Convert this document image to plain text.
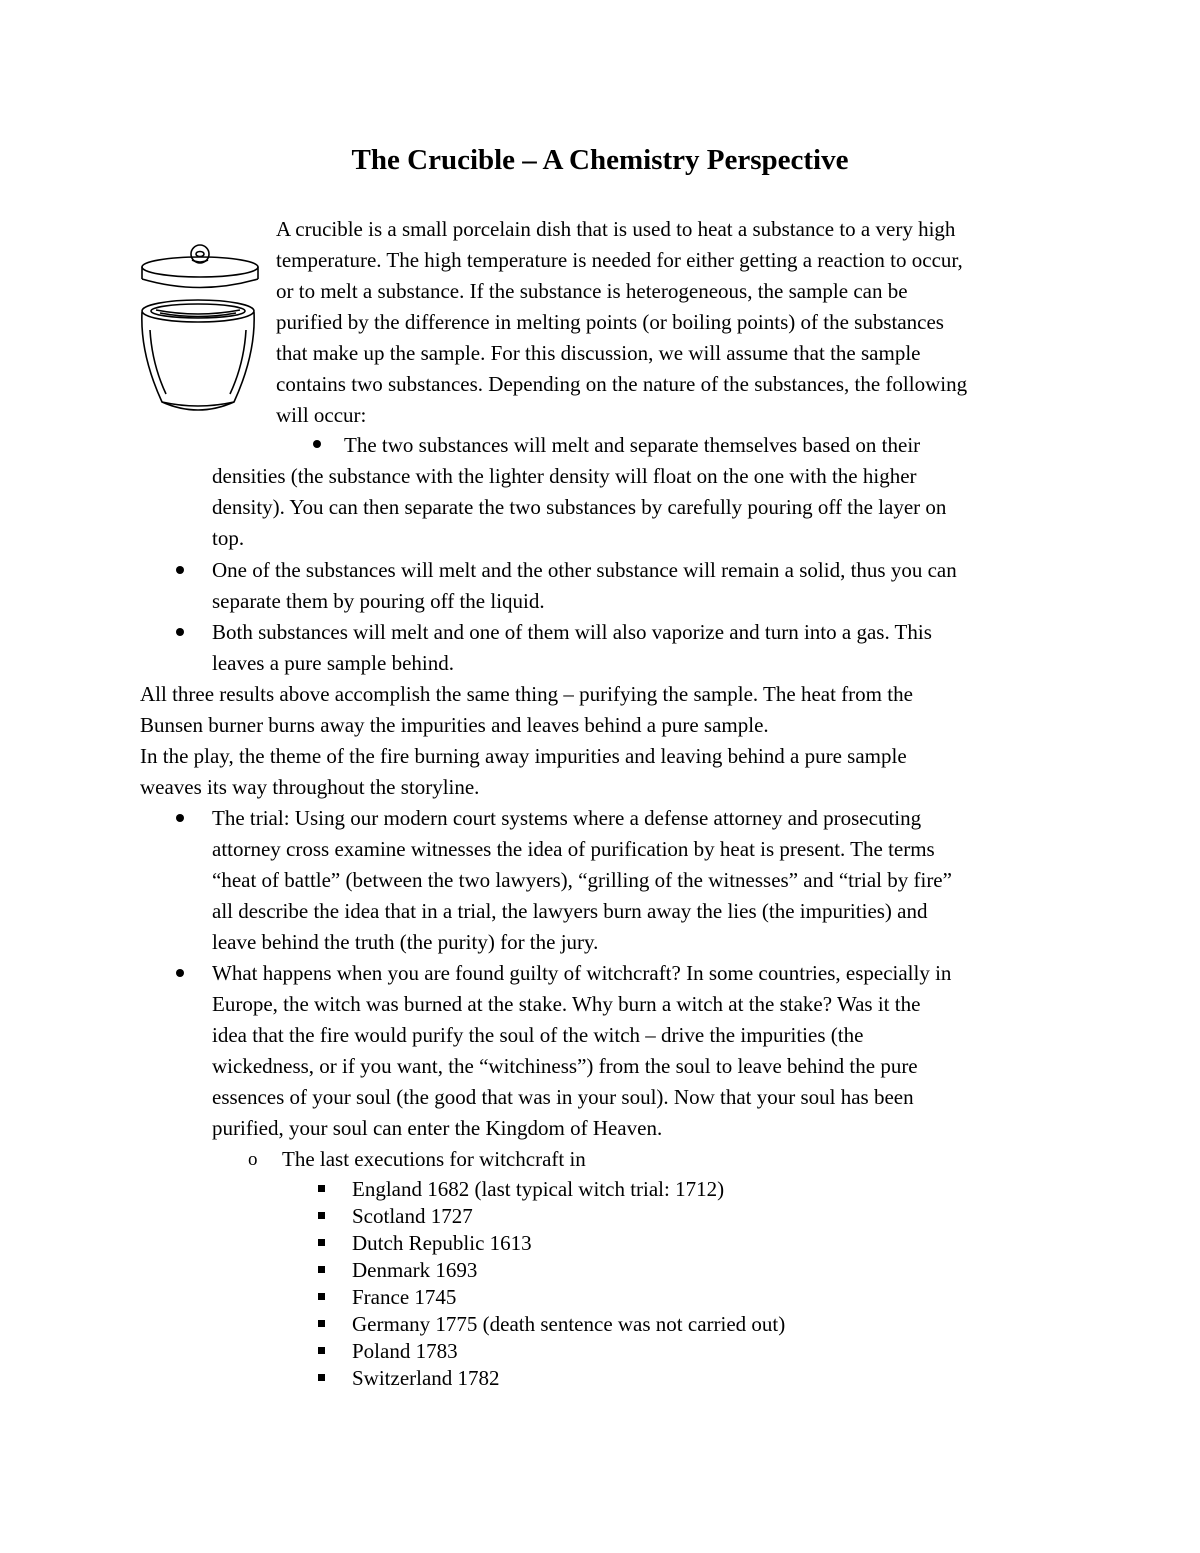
The Crucible – A Chemistry Perspective
A crucible is a small porcelain dish that is used to heat a substance to a very high
temperature. The high temperature is needed for either getting a reaction to occur,
or to melt a substance. If the substance is heterogeneous, the sample can be
purified by the difference in melting points (or boiling points) of the substances
that make up the sample. For this discussion, we will assume that the sample
contains two substances. Depending on the nature of the substances, the following
will occur:
The two substances will melt and separate themselves based on their
densities (the substance with the lighter density will float on the one with the higher
density). You can then separate the two substances by carefully pouring off the layer on
top.
One of the substances will melt and the other substance will remain a solid, thus you can
separate them by pouring off the liquid.
Both substances will melt and one of them will also vaporize and turn into a gas. This
leaves a pure sample behind.
All three results above accomplish the same thing – purifying the sample. The heat from the
Bunsen burner burns away the impurities and leaves behind a pure sample.
In the play, the theme of the fire burning away impurities and leaving behind a pure sample
weaves its way throughout the storyline.
The trial: Using our modern court systems where a defense attorney and prosecuting
attorney cross examine witnesses the idea of purification by heat is present. The terms
“heat of battle” (between the two lawyers), “grilling of the witnesses” and “trial by fire”
all describe the idea that in a trial, the lawyers burn away the lies (the impurities) and
leave behind the truth (the purity) for the jury.
What happens when you are found guilty of witchcraft? In some countries, especially in
Europe, the witch was burned at the stake. Why burn a witch at the stake? Was it the
idea that the fire would purify the soul of the witch – drive the impurities (the
wickedness, or if you want, the “witchiness”) from the soul to leave behind the pure
essences of your soul (the good that was in your soul). Now that your soul has been
purified, your soul can enter the Kingdom of Heaven.
o The last executions for witchcraft in
England 1682 (last typical witch trial: 1712)
Scotland 1727
Dutch Republic 1613
Denmark 1693
France 1745
Germany 1775 (death sentence was not carried out)
Poland 1783
Switzerland 1782
